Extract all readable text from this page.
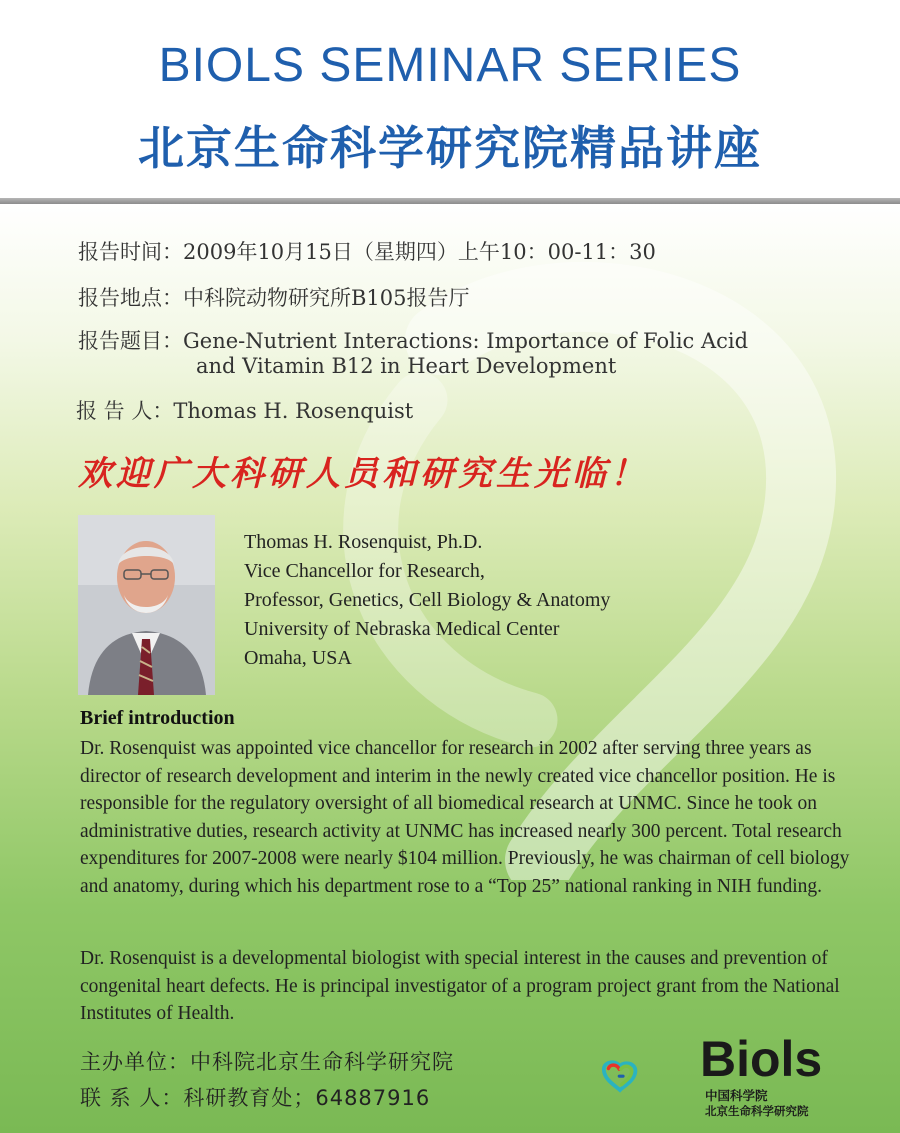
BIOLS SEMINAR SERIES
北京生命科学研究院精品讲座
报告时间：2009年10月15日（星期四）上午10：00-11：30
报告地点：中科院动物研究所B105报告厅
报告题目：Gene-Nutrient Interactions: Importance of Folic Acid
and Vitamin B12 in Heart Development
报 告 人：Thomas H. Rosenquist
欢迎广大科研人员和研究生光临！
Thomas H. Rosenquist, Ph.D.
Vice Chancellor for Research,
Professor, Genetics, Cell Biology & Anatomy
University of Nebraska Medical Center
Omaha, USA
Brief introduction

Dr. Rosenquist was appointed vice chancellor for research in 2002 after serving three years as director of research development and interim in the newly created vice chancellor position. He is responsible for the regulatory oversight of all biomedical research at UNMC. Since he took on administrative duties, research activity at UNMC has increased nearly 300 percent. Total research expenditures for 2007-2008 were nearly $104 million. Previously, he was chairman of cell biology and anatomy, during which his department rose to a “Top 25” national ranking in NIH funding.

Dr. Rosenquist is a developmental biologist with special interest in the causes and prevention of congenital heart defects. He is principal investigator of a program project grant from the National Institutes of Health.

主办单位：中科院北京生命科学研究院
联 系 人：科研教育处；64887916
Biols
中国科学院
北京生命科学研究院
